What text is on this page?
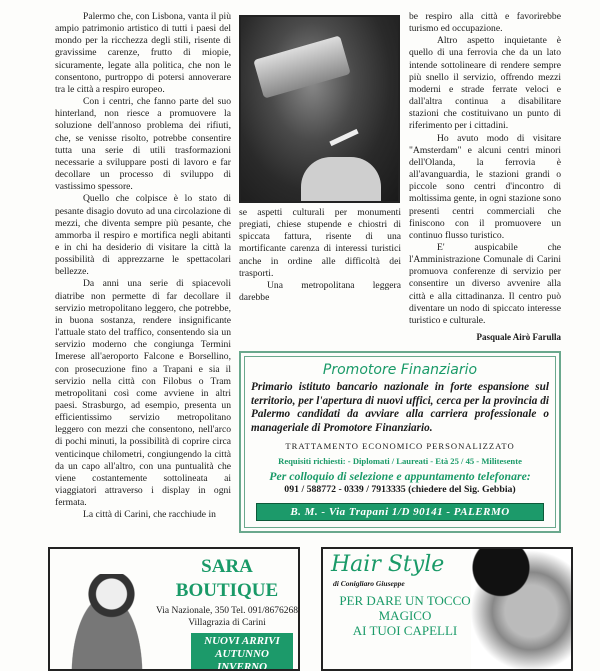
Palermo che, con Lisbona, vanta il più ampio patrimonio artistico di tutti i paesi del mondo per la ricchezza degli stili, risente di gravissime carenze, frutto di miopie, sicuramente, legate alla politica, che non le consentono, purtroppo di potersi annoverare tra le città a respiro europeo.

Con i centri, che fanno parte del suo hinterland, non riesce a promuovere la soluzione dell'annoso problema dei rifiuti, che, se venisse risolto, potrebbe consentire tutta una serie di utili trasformazioni necessarie a sviluppare posti di lavoro e far decollare un processo di sviluppo di vastissimo spessore.

Quello che colpisce è lo stato di pesante disagio dovuto ad una circolazione di mezzi, che diventa sempre più pesante, che ammorba il respiro e mortifica negli abitanti e in chi ha desiderio di visitare la città la possibilità di apprezzarne le spettacolari bellezze.

Da anni una serie di spiacevoli diatribe non permette di far decollare il servizio metropolitano leggero, che potrebbe, in buona sostanza, rendere insignificante l'attuale stato del traffico, consentendo sia un servizio moderno che congiunga Termini Imerese all'aeroporto Falcone e Borsellino, con prosecuzione fino a Trapani e sia il servizio nella città con Filobus o Tram metropolitani così come avviene in altri paesi. Strasburgo, ad esempio, presenta un efficientissimo servizio metropolitano leggero con mezzi che consentono, nell'arco di pochi minuti, la possibilità di coprire circa venticinque chilometri, congiungendo la città da un capo all'altro, con una puntualità che viene costantemente sottolineata ai viaggiatori attraverso i display in ogni fermata.

La città di Carini, che racchiude in

se aspetti culturali per monumenti pregiati, chiese stupende e chiostri di spiccata fattura, risente di una mortificante carenza di interessi turistici anche in ordine alle difficoltà dei trasporti.

Una metropolitana leggera darebbe

be respiro alla città e favorirebbe turismo ed occupazione.

Altro aspetto inquietante è quello di una ferrovia che da un lato intende sottolineare di rendere sempre più snello il servizio, offrendo mezzi moderni e strade ferrate veloci e dall'altra continua a disabilitare stazioni che costituivano un punto di riferimento per i cittadini.

Ho avuto modo di visitare "Amsterdam" e alcuni centri minori dell'Olanda, la ferrovia è all'avanguardia, le stazioni grandi o piccole sono centri d'incontro di moltissima gente, in ogni stazione sono presenti centri commerciali che finiscono con il promuovere un continuo flusso turistico.

E' auspicabile che l'Amministrazione Comunale di Carini promuova conferenze di servizio per consentire un diverso avvenire alla città e alla cittadinanza. Il centro può diventare un nodo di spiccato interesse turistico e culturale.

Pasquale Airò Farulla

Promotore Finanziario
Primario istituto bancario nazionale in forte espansione sul territorio, per l'apertura di nuovi uffici, cerca per la provincia di Palermo candidati da avviare alla carriera professionale o manageriale di Promotore Finanziario.
TRATTAMENTO ECONOMICO PERSONALIZZATO
Requisiti richiesti: - Diplomati / Laureati - Età 25 / 45 - Militesente
Per colloquio di selezione e appuntamento telefonare:
091 / 588772 - 0339 / 7913335 (chiedere del Sig. Gebbia)
B. M. - Via Trapani 1/D 90141 - PALERMO
SARA BOUTIQUE
Via Nazionale, 350 Tel. 091/8676268
Villagrazia di Carini
NUOVI ARRIVI
AUTUNNO
INVERNO
Hair Style
di Conigliaro Giuseppe
PER DARE UN TOCCO
MAGICO
AI TUOI CAPELLI
